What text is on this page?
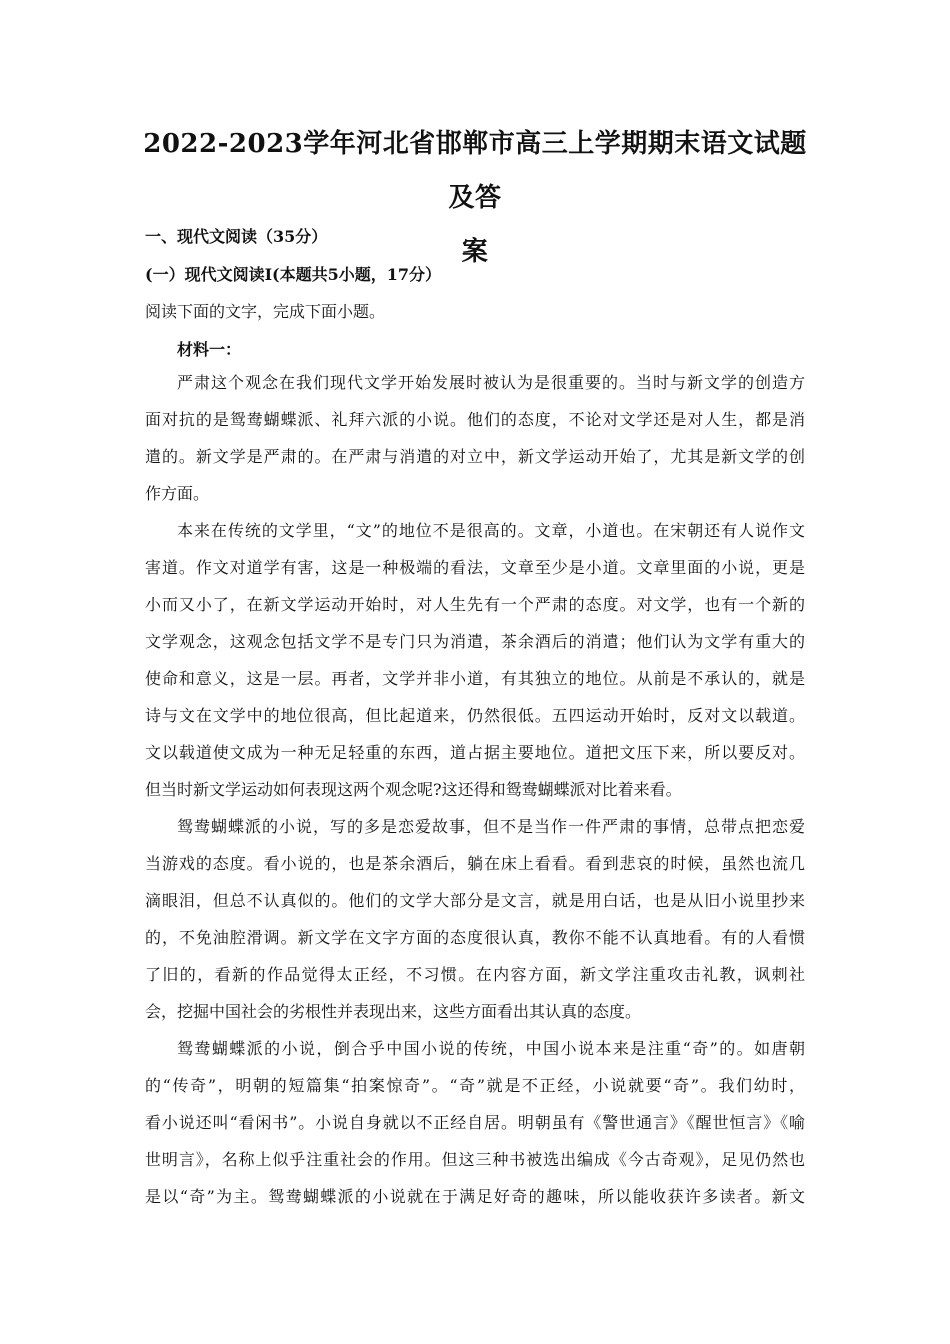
2022-2023学年河北省邯郸市高三上学期期末语文试题及答
案
一、现代文阅读（35分）
(一）现代文阅读Ⅰ(本题共5小题，17分）
阅读下面的文字，完成下面小题。
材料一：
严肃这个观念在我们现代文学开始发展时被认为是很重要的。当时与新文学的创造方
面对抗的是鸳鸯蝴蝶派、礼拜六派的小说。他们的态度，不论对文学还是对人生，都是消
遣的。新文学是严肃的。在严肃与消遣的对立中，新文学运动开始了，尤其是新文学的创
作方面。
本来在传统的文学里，“文”的地位不是很高的。文章，小道也。在宋朝还有人说作文
害道。作文对道学有害，这是一种极端的看法，文章至少是小道。文章里面的小说，更是
小而又小了，在新文学运动开始时，对人生先有一个严肃的态度。对文学，也有一个新的
文学观念，这观念包括文学不是专门只为消遣，茶余酒后的消遣；他们认为文学有重大的
使命和意义，这是一层。再者，文学并非小道，有其独立的地位。从前是不承认的，就是
诗与文在文学中的地位很高，但比起道来，仍然很低。五四运动开始时，反对文以载道。
文以载道使文成为一种无足轻重的东西，道占据主要地位。道把文压下来，所以要反对。
但当时新文学运动如何表现这两个观念呢?这还得和鸳鸯蝴蝶派对比着来看。
鸳鸯蝴蝶派的小说，写的多是恋爱故事，但不是当作一件严肃的事情，总带点把恋爱
当游戏的态度。看小说的，也是茶余酒后，躺在床上看看。看到悲哀的时候，虽然也流几
滴眼泪，但总不认真似的。他们的文学大部分是文言，就是用白话，也是从旧小说里抄来
的，不免油腔滑调。新文学在文字方面的态度很认真，教你不能不认真地看。有的人看惯
了旧的，看新的作品觉得太正经，不习惯。在内容方面，新文学注重攻击礼教，讽刺社
会，挖掘中国社会的劣根性并表现出来，这些方面看出其认真的态度。
鸳鸯蝴蝶派的小说，倒合乎中国小说的传统，中国小说本来是注重“奇”的。如唐朝
的“传奇”，明朝的短篇集“拍案惊奇”。“奇”就是不正经，小说就要“奇”。我们幼时，
看小说还叫“看闲书”。小说自身就以不正经自居。明朝虽有《警世通言》《醒世恒言》《喻
世明言》，名称上似乎注重社会的作用。但这三种书被选出编成《今古奇观》，足见仍然也
是以“奇”为主。鸳鸯蝴蝶派的小说就在于满足好奇的趣味，所以能收获许多读者。新文
